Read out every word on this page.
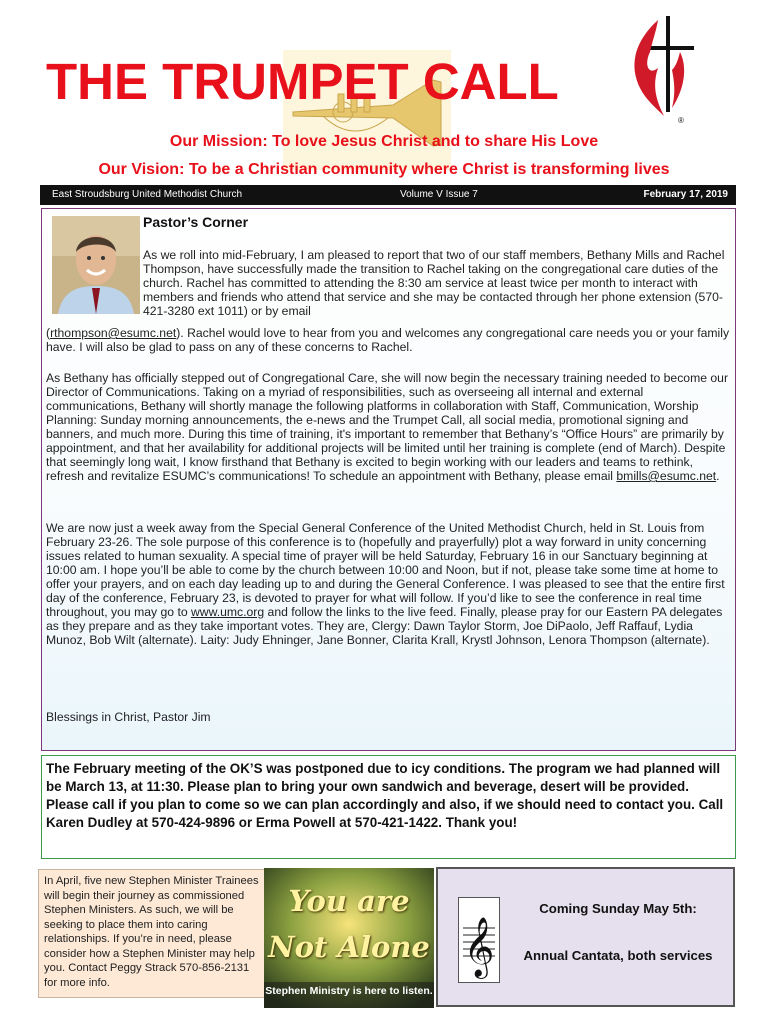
THE TRUMPET CALL
®
Our Mission: To love Jesus Christ and to share His Love
Our Vision: To be a Christian community where Christ is transforming lives
East Stroudsburg United Methodist Church	Volume V Issue 7	February 17, 2019
Pastor’s Corner
As we roll into mid-February, I am pleased to report that two of our staff members, Bethany Mills and Rachel Thompson, have successfully made the transition to Rachel taking on the congregational care duties of the church. Rachel has committed to attending the 8:30 am service at least twice per month to interact with members and friends who attend that service and she may be contacted through her phone extension (570-421-3280 ext 1011) or by email
(rthompson@esumc.net). Rachel would love to hear from you and welcomes any congregational care needs you or your family have. I will also be glad to pass on any of these concerns to Rachel.
As Bethany has officially stepped out of Congregational Care, she will now begin the necessary training needed to become our Director of Communications. Taking on a myriad of responsibilities, such as overseeing all internal and external communications, Bethany will shortly manage the following platforms in collaboration with Staff, Communication, Worship Planning: Sunday morning announcements, the e-news and the Trumpet Call, all social media, promotional signing and banners, and much more. During this time of training, it's important to remember that Bethany’s “Office Hours” are primarily by appointment, and that her availability for additional projects will be limited until her training is complete (end of March). Despite that seemingly long wait, I know firsthand that Bethany is excited to begin working with our leaders and teams to rethink, refresh and revitalize ESUMC’s communications! To schedule an appointment with Bethany, please email bmills@esumc.net.
We are now just a week away from the Special General Conference of the United Methodist Church, held in St. Louis from February 23-26. The sole purpose of this conference is to (hopefully and prayerfully) plot a way forward in unity concerning issues related to human sexuality. A special time of prayer will be held Saturday, February 16 in our Sanctuary beginning at 10:00 am. I hope you’ll be able to come by the church between 10:00 and Noon, but if not, please take some time at home to offer your prayers, and on each day leading up to and during the General Conference. I was pleased to see that the entire first day of the conference, February 23, is devoted to prayer for what will follow. If you’d like to see the conference in real time throughout, you may go to www.umc.org and follow the links to the live feed. Finally, please pray for our Eastern PA delegates as they prepare and as they take important votes. They are, Clergy: Dawn Taylor Storm, Joe DiPaolo, Jeff Raffauf, Lydia Munoz, Bob Wilt (alternate). Laity: Judy Ehninger, Jane Bonner, Clarita Krall, Krystl Johnson, Lenora Thompson (alternate).
Blessings in Christ, Pastor Jim
The February meeting of the OK’S was postponed due to icy conditions. The program we had planned will be March 13, at 11:30. Please plan to bring your own sandwich and beverage, desert will be provided.
Please call if you plan to come so we can plan accordingly and also, if we should need to contact you. Call Karen Dudley at 570-424-9896 or Erma Powell at 570-421-1422. Thank you!
In April, five new Stephen Minister Trainees will begin their journey as commissioned Stephen Ministers. As such, we will be seeking to place them into caring relationships. If you’re in need, please consider how a Stephen Minister may help you. Contact Peggy Strack 570-856-2131 for more info.
You are
Not Alone
Stephen Ministry is here to listen.
𝄞
Coming Sunday May 5th:
Annual Cantata, both services
